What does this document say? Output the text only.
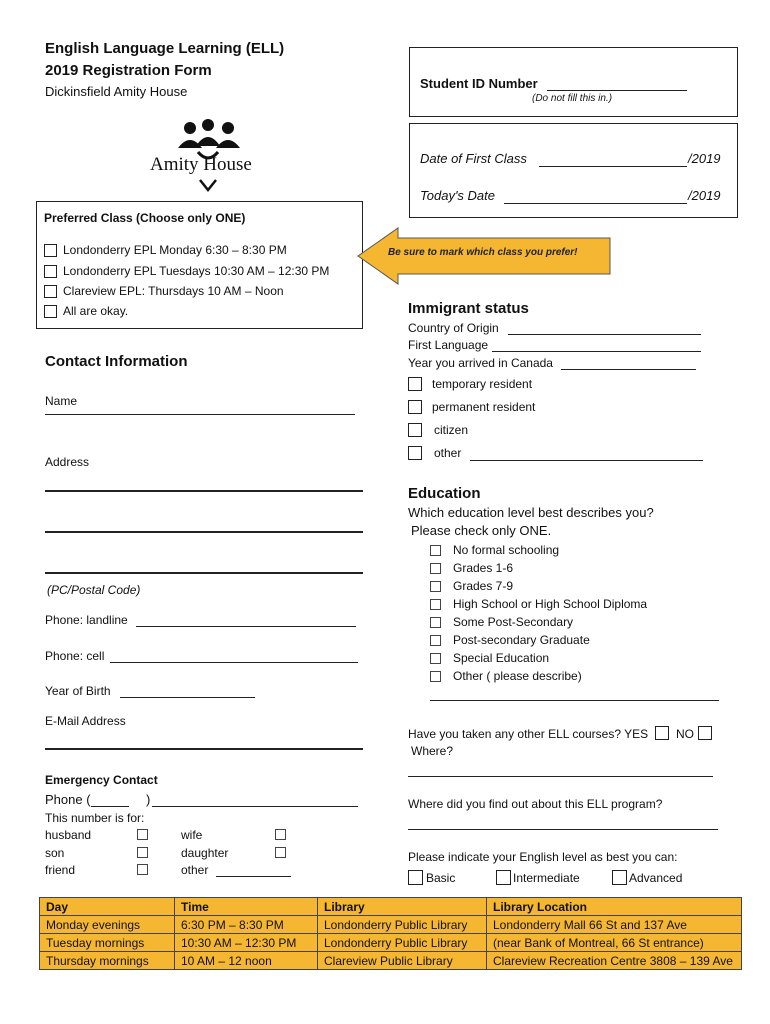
English Language Learning (ELL)
2019 Registration Form
Dickinsfield Amity House
Amity House
Student ID Number
(Do not fill this in.)
Date of First Class	/2019
Today's Date	/2019
Preferred Class (Choose only ONE)
Londonderry EPL Monday 6:30 – 8:30 PM
Londonderry EPL Tuesdays 10:30 AM – 12:30 PM
Clareview EPL: Thursdays 10 AM – Noon
All are okay.
Be sure to mark which class you prefer!
Contact Information
Name
Address
(PC/Postal Code)
Phone: landline
Phone: cell
Year of Birth
E-Mail Address
Emergency Contact
Phone (	)
This number is for:
husband	wife
son	daughter
friend	other
Immigrant status
Country of Origin
First Language
Year you arrived in Canada
temporary resident
permanent resident
citizen
other
Education
Which education level best describes you?
Please check only ONE.
No formal schooling
Grades 1-6
Grades 7-9
High School or High School Diploma
Some Post-Secondary
Post-secondary Graduate
Special Education
Other ( please describe)
Have you taken any other ELL courses? YES NO
Where?
Where did you find out about this ELL program?
Please indicate your English level as best you can:
Basic	Intermediate	Advanced
Day	Time	Library	Library Location
Monday evenings	6:30 PM – 8:30 PM	Londonderry Public Library	Londonderry Mall 66 St and 137 Ave
Tuesday mornings	10:30 AM – 12:30 PM	Londonderry Public Library	(near Bank of Montreal, 66 St entrance)
Thursday mornings	10 AM – 12 noon	Clareview Public Library	Clareview Recreation Centre 3808 – 139 Ave
